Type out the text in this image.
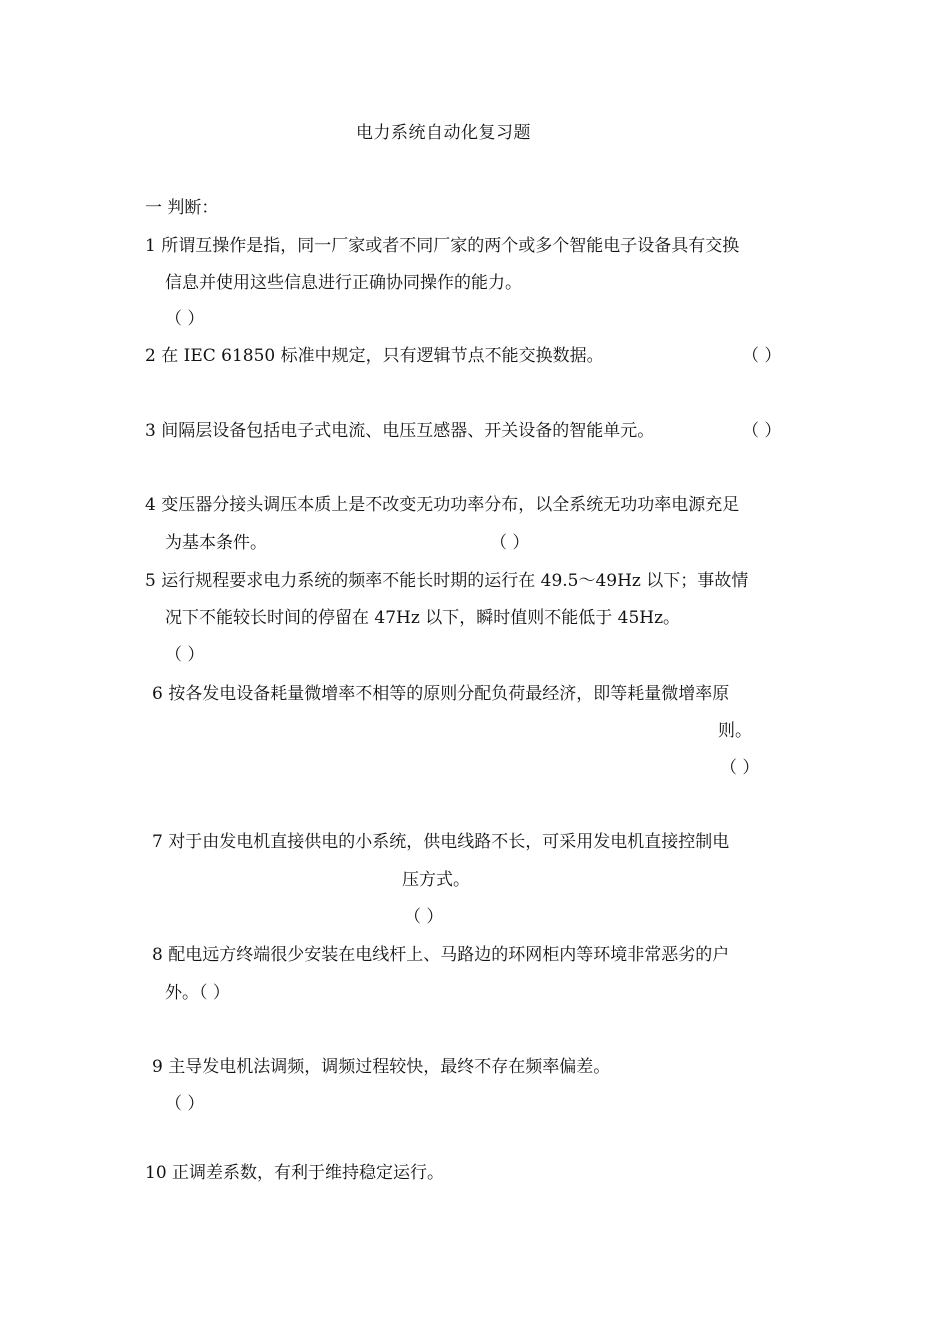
电力系统自动化复习题
一 判断：
1 所谓互操作是指，同一厂家或者不同厂家的两个或多个智能电子设备具有交换
信息并使用这些信息进行正确协同操作的能力。
（ ）
2 在 IEC 61850 标准中规定，只有逻辑节点不能交换数据。	（ ）
3 间隔层设备包括电子式电流、电压互感器、开关设备的智能单元。	（ ）
4 变压器分接头调压本质上是不改变无功功率分布，以全系统无功功率电源充足
为基本条件。	（ ）
5 运行规程要求电力系统的频率不能长时期的运行在 49.5～49Hz 以下；事故情
况下不能较长时间的停留在 47Hz 以下，瞬时值则不能低于 45Hz。
（ ）
6 按各发电设备耗量微增率不相等的原则分配负荷最经济，即等耗量微增率原
则。
（ ）
7 对于由发电机直接供电的小系统，供电线路不长，可采用发电机直接控制电
压方式。
（ ）
8 配电远方终端很少安装在电线杆上、马路边的环网柜内等环境非常恶劣的户
外。（ ）
9 主导发电机法调频，调频过程较快，最终不存在频率偏差。
（ ）
10 正调差系数，有利于维持稳定运行。
